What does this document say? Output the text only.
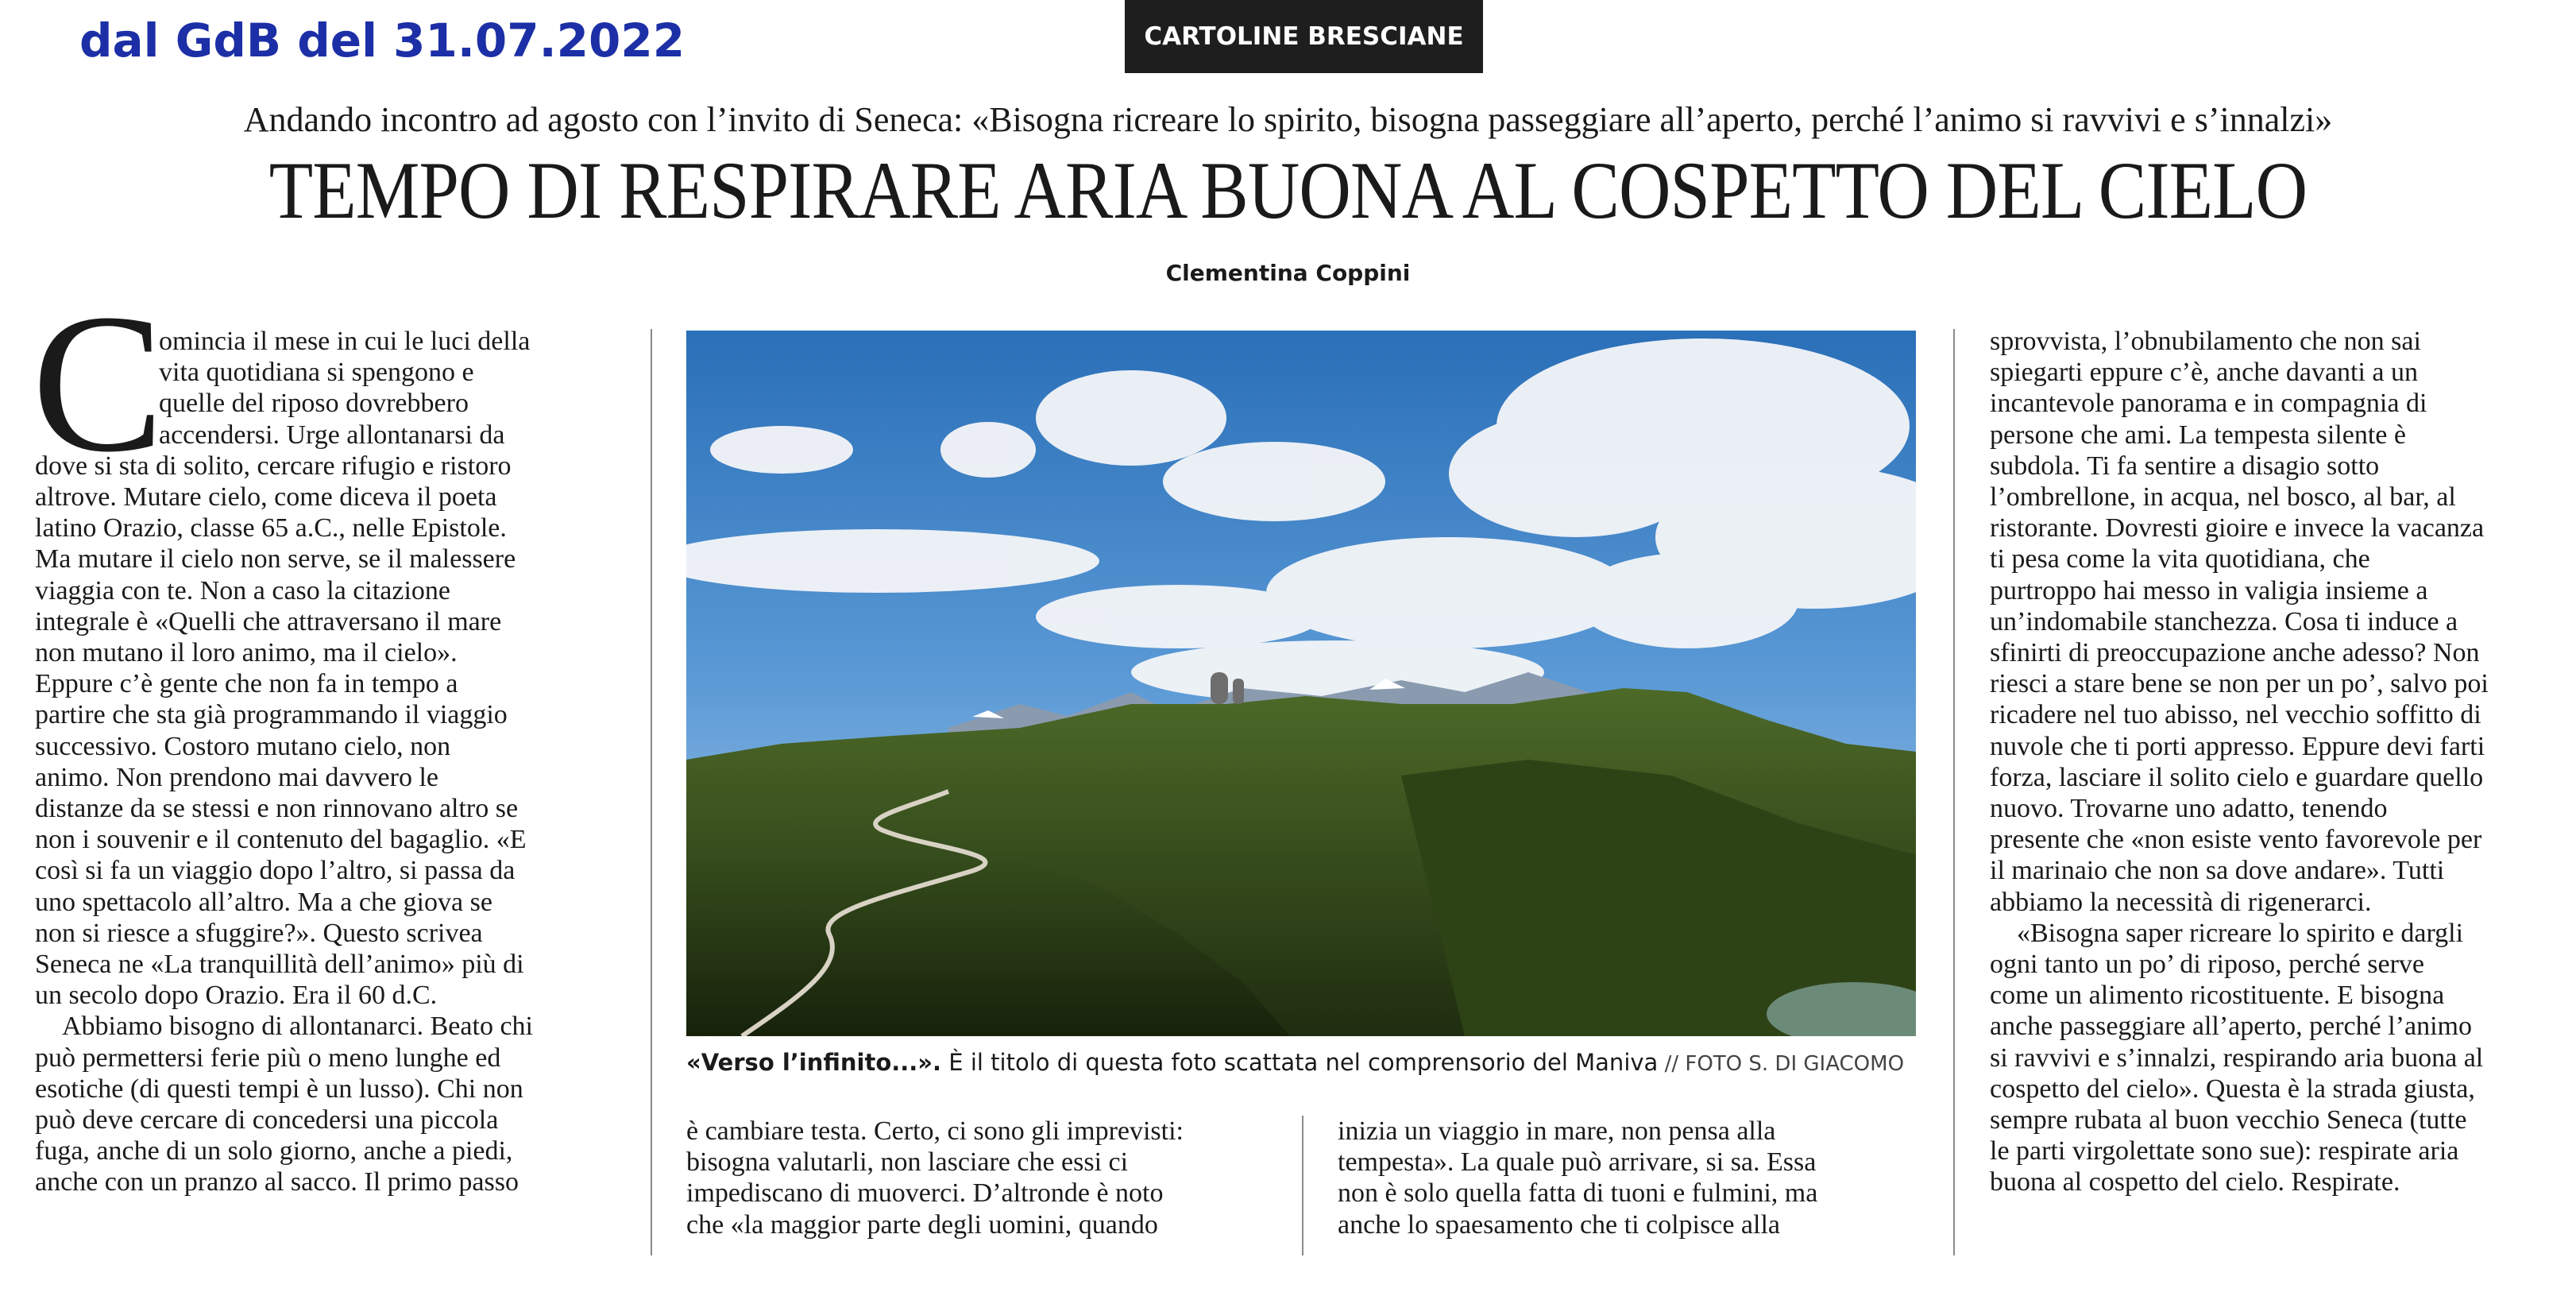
dal GdB del 31.07.2022	CARTOLINE BRESCIANE

Andando incontro ad agosto con l’invito di Seneca: «Bisogna ricreare lo spirito, bisogna passeggiare all’aperto, perché l’animo si ravvivi e s’innalzi»

TEMPO DI RESPIRARE ARIA BUONA AL COSPETTO DEL CIELO

Clementina Coppini

C
omincia il mese in cui le luci della
vita quotidiana si spengono e
quelle del riposo dovrebbero
accendersi. Urge allontanarsi da
dove si sta di solito, cercare rifugio e ristoro
altrove. Mutare cielo, come diceva il poeta
latino Orazio, classe 65 a.C., nelle Epistole.
Ma mutare il cielo non serve, se il malessere
viaggia con te. Non a caso la citazione
integrale è «Quelli che attraversano il mare
non mutano il loro animo, ma il cielo».
Eppure c’è gente che non fa in tempo a
partire che sta già programmando il viaggio
successivo. Costoro mutano cielo, non
animo. Non prendono mai davvero le
distanze da se stessi e non rinnovano altro se
non i souvenir e il contenuto del bagaglio. «E
così si fa un viaggio dopo l’altro, si passa da
uno spettacolo all’altro. Ma a che giova se
non si riesce a sfuggire?». Questo scrivea
Seneca ne «La tranquillità dell’animo» più di
un secolo dopo Orazio. Era il 60 d.C.
Abbiamo bisogno di allontanarci. Beato chi
può permettersi ferie più o meno lunghe ed
esotiche (di questi tempi è un lusso). Chi non
può deve cercare di concedersi una piccola
fuga, anche di un solo giorno, anche a piedi,
anche con un pranzo al sacco. Il primo passo

«Verso l’infinito...». È il titolo di questa foto scattata nel comprensorio del Maniva // FOTO S. DI GIACOMO

è cambiare testa. Certo, ci sono gli imprevisti:
bisogna valutarli, non lasciare che essi ci
impediscano di muoverci. D’altronde è noto
che «la maggior parte degli uomini, quando
inizia un viaggio in mare, non pensa alla
tempesta». La quale può arrivare, si sa. Essa
non è solo quella fatta di tuoni e fulmini, ma
anche lo spaesamento che ti colpisce alla
sprovvista, l’obnubilamento che non sai
spiegarti eppure c’è, anche davanti a un
incantevole panorama e in compagnia di
persone che ami. La tempesta silente è
subdola. Ti fa sentire a disagio sotto
l’ombrellone, in acqua, nel bosco, al bar, al
ristorante. Dovresti gioire e invece la vacanza
ti pesa come la vita quotidiana, che
purtroppo hai messo in valigia insieme a
un’indomabile stanchezza. Cosa ti induce a
sfinirti di preoccupazione anche adesso? Non
riesci a stare bene se non per un po’, salvo poi
ricadere nel tuo abisso, nel vecchio soffitto di
nuvole che ti porti appresso. Eppure devi farti
forza, lasciare il solito cielo e guardare quello
nuovo. Trovarne uno adatto, tenendo
presente che «non esiste vento favorevole per
il marinaio che non sa dove andare». Tutti
abbiamo la necessità di rigenerarci.
«Bisogna saper ricreare lo spirito e dargli
ogni tanto un po’ di riposo, perché serve
come un alimento ricostituente. E bisogna
anche passeggiare all’aperto, perché l’animo
si ravvivi e s’innalzi, respirando aria buona al
cospetto del cielo». Questa è la strada giusta,
sempre rubata al buon vecchio Seneca (tutte
le parti virgolettate sono sue): respirate aria
buona al cospetto del cielo. Respirate.
